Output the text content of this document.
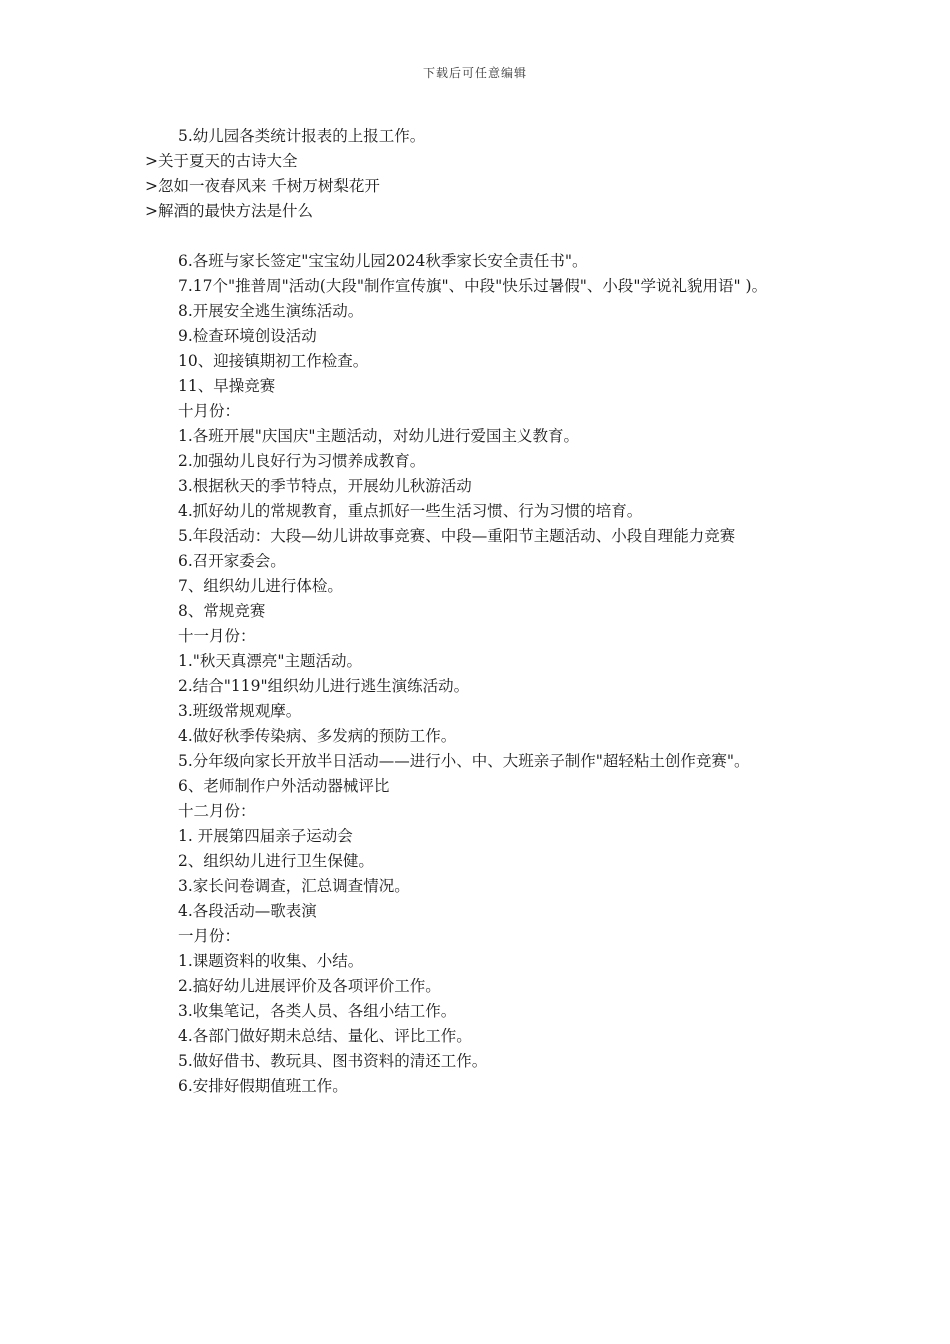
下载后可任意编辑

5.幼儿园各类统计报表的上报工作。

>关于夏天的古诗大全

>忽如一夜春风来 千树万树梨花开

>解酒的最快方法是什么

6.各班与家长签定"宝宝幼儿园2024秋季家长安全责任书"。

7.17个"推普周"活动(大段"制作宣传旗"、中段"快乐过暑假"、小段"学说礼貌用语" )。

8.开展安全逃生演练活动。

9.检查环境创设活动

10、迎接镇期初工作检查。

11、早操竞赛

十月份：

1.各班开展"庆国庆"主题活动，对幼儿进行爱国主义教育。

2.加强幼儿良好行为习惯养成教育。

3.根据秋天的季节特点，开展幼儿秋游活动

4.抓好幼儿的常规教育，重点抓好一些生活习惯、行为习惯的培育。

5.年段活动：大段—幼儿讲故事竞赛、中段—重阳节主题活动、小段自理能力竞赛

6.召开家委会。

7、组织幼儿进行体检。

8、常规竞赛

十一月份：

1."秋天真漂亮"主题活动。

2.结合"119"组织幼儿进行逃生演练活动。

3.班级常规观摩。

4.做好秋季传染病、多发病的预防工作。

5.分年级向家长开放半日活动——进行小、中、大班亲子制作"超轻粘土创作竞赛"。

6、老师制作户外活动器械评比

十二月份：

1. 开展第四届亲子运动会

2、组织幼儿进行卫生保健。

3.家长问卷调查，汇总调查情况。

4.各段活动—歌表演

一月份：

1.课题资料的收集、小结。

2.搞好幼儿进展评价及各项评价工作。

3.收集笔记，各类人员、各组小结工作。

4.各部门做好期未总结、量化、评比工作。

5.做好借书、教玩具、图书资料的清还工作。

6.安排好假期值班工作。
